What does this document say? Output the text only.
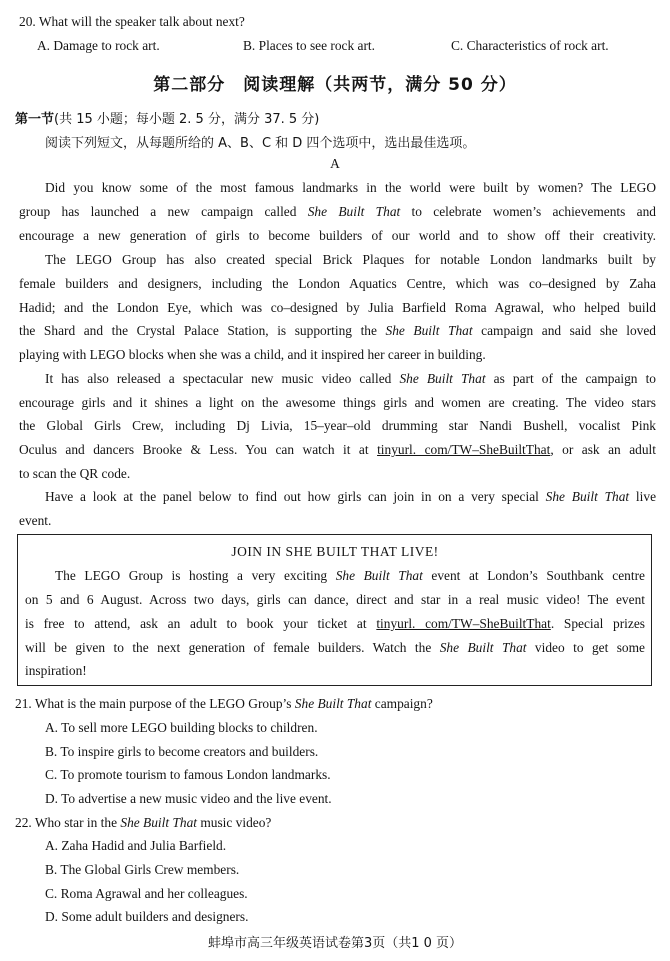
20. What will the speaker talk about next?
A. Damage to rock art.	B. Places to see rock art.	C. Characteristics of rock art.
第二部分　阅读理解（共两节，满分 50 分）
第一节(共 15 小题；每小题 2. 5 分，满分 37. 5 分)
阅读下列短文，从每题所给的 A、B、C 和 D 四个选项中，选出最佳选项。
A
Did you know some of the most famous landmarks in the world were built by women? The LEGO
group has launched a new campaign called She Built That to celebrate women’s achievements and
encourage a new generation of girls to become builders of our world and to show off their creativity.
The LEGO Group has also created special Brick Plaques for notable London landmarks built by
female builders and designers, including the London Aquatics Centre, which was co–designed by Zaha
Hadid; and the London Eye, which was co–designed by Julia Barfield Roma Agrawal, who helped build
the Shard and the Crystal Palace Station, is supporting the She Built That campaign and said she loved
playing with LEGO blocks when she was a child, and it inspired her career in building.
It has also released a spectacular new music video called She Built That as part of the campaign to
encourage girls and it shines a light on the awesome things girls and women are creating. The video stars
the Global Girls Crew, including Dj Livia, 15–year–old drumming star Nandi Bushell, vocalist Pink
Oculus and dancers Brooke & Less. You can watch it at tinyurl. com/TW–SheBuiltThat, or ask an adult
to scan the QR code.
Have a look at the panel below to find out how girls can join in on a very special She Built That live
event.
JOIN IN SHE BUILT THAT LIVE!
The LEGO Group is hosting a very exciting She Built That event at London’s Southbank centre
on 5 and 6 August. Across two days, girls can dance, direct and star in a real music video! The event
is free to attend, ask an adult to book your ticket at tinyurl. com/TW–SheBuiltThat. Special prizes
will be given to the next generation of female builders. Watch the She Built That video to get some
inspiration!
21. What is the main purpose of the LEGO Group’s She Built That campaign?
A. To sell more LEGO building blocks to children.
B. To inspire girls to become creators and builders.
C. To promote tourism to famous London landmarks.
D. To advertise a new music video and the live event.
22. Who star in the She Built That music video?
A. Zaha Hadid and Julia Barfield.
B. The Global Girls Crew members.
C. Roma Agrawal and her colleagues.
D. Some adult builders and designers.
蚌埠市高三年级英语试卷第3页（共1 0 页）
